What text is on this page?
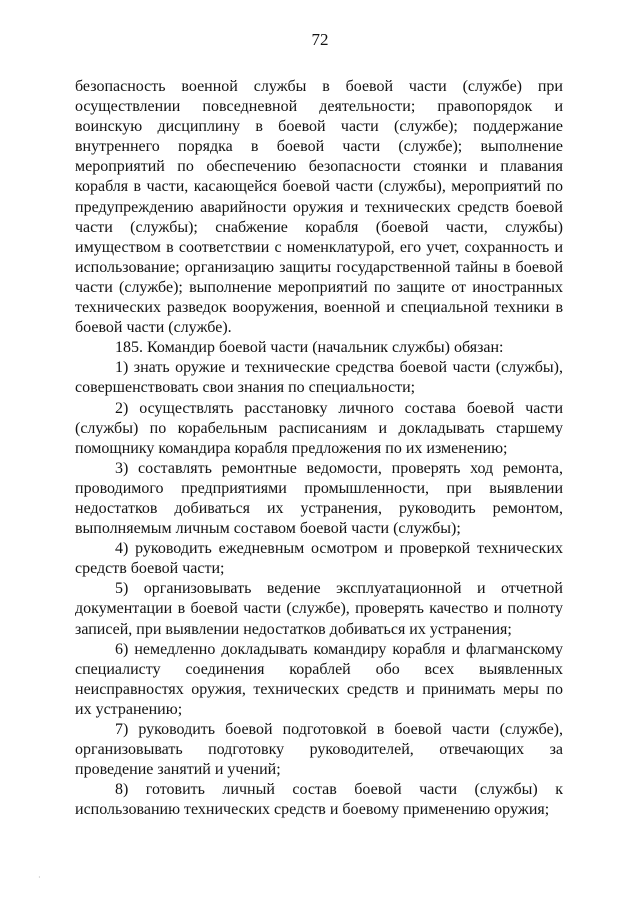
72
безопасность военной службы в боевой части (службе) при
осуществлении повседневной деятельности; правопорядок и
воинскую дисциплину в боевой части (службе); поддержание
внутреннего порядка в боевой части (службе); выполнение
мероприятий по обеспечению безопасности стоянки и плавания
корабля в части, касающейся боевой части (службы), мероприятий по
предупреждению аварийности оружия и технических средств боевой
части (службы); снабжение корабля (боевой части, службы)
имуществом в соответствии с номенклатурой, его учет, сохранность и
использование; организацию защиты государственной тайны в боевой
части (службе); выполнение мероприятий по защите от иностранных
технических разведок вооружения, военной и специальной техники в
боевой части (службе).
185. Командир боевой части (начальник службы) обязан:
1) знать оружие и технические средства боевой части (службы),
совершенствовать свои знания по специальности;
2) осуществлять расстановку личного состава боевой части
(службы) по корабельным расписаниям и докладывать старшему
помощнику командира корабля предложения по их изменению;
3) составлять ремонтные ведомости, проверять ход ремонта,
проводимого предприятиями промышленности, при выявлении
недостатков добиваться их устранения, руководить ремонтом,
выполняемым личным составом боевой части (службы);
4) руководить ежедневным осмотром и проверкой технических
средств боевой части;
5) организовывать ведение эксплуатационной и отчетной
документации в боевой части (службе), проверять качество и полноту
записей, при выявлении недостатков добиваться их устранения;
6) немедленно докладывать командиру корабля и флагманскому
специалисту соединения кораблей обо всех выявленных
неисправностях оружия, технических средств и принимать меры по
их устранению;
7) руководить боевой подготовкой в боевой части (службе),
организовывать подготовку руководителей, отвечающих за
проведение занятий и учений;
8) готовить личный состав боевой части (службы) к
использованию технических средств и боевому применению оружия;
·
